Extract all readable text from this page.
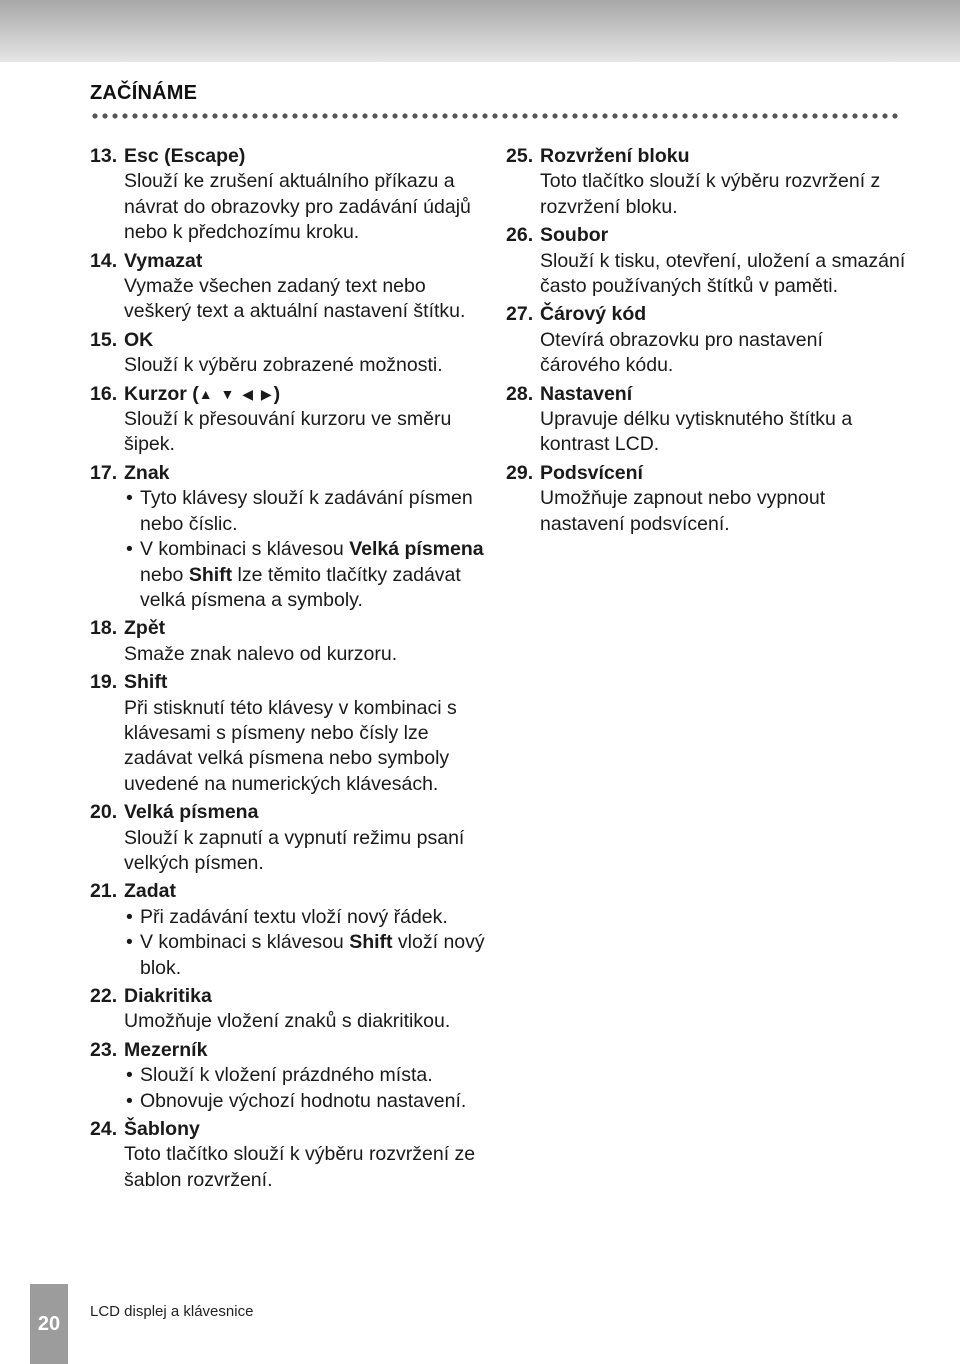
ZAČÍNÁME
13. Esc (Escape)
Slouží ke zrušení aktuálního příkazu a návrat do obrazovky pro zadávání údajů nebo k předchozímu kroku.
14. Vymazat
Vymaže všechen zadaný text nebo veškerý text a aktuální nastavení štítku.
15. OK
Slouží k výběru zobrazené možnosti.
16. Kurzor (▲ ▼ ◀ ▶)
Slouží k přesouvání kurzoru ve směru šipek.
17. Znak
• Tyto klávesy slouží k zadávání písmen nebo číslic.
• V kombinaci s klávesou Velká písmena nebo Shift lze těmito tlačítky zadávat velká písmena a symboly.
18. Zpět
Smaže znak nalevo od kurzoru.
19. Shift
Při stisknutí této klávesy v kombinaci s klávesami s písmeny nebo čísly lze zadávat velká písmena nebo symboly uvedené na numerických klávesách.
20. Velká písmena
Slouží k zapnutí a vypnutí režimu psaní velkých písmen.
21. Zadat
• Při zadávání textu vloží nový řádek.
• V kombinaci s klávesou Shift vloží nový blok.
22. Diakritika
Umožňuje vložení znaků s diakritikou.
23. Mezerník
• Slouží k vložení prázdného místa.
• Obnovuje výchozí hodnotu nastavení.
24. Šablony
Toto tlačítko slouží k výběru rozvržení ze šablon rozvržení.
25. Rozvržení bloku
Toto tlačítko slouží k výběru rozvržení z rozvržení bloku.
26. Soubor
Slouží k tisku, otevření, uložení a smazání často používaných štítků v paměti.
27. Čárový kód
Otevírá obrazovku pro nastavení čárového kódu.
28. Nastavení
Upravuje délku vytisknutého štítku a kontrast LCD.
29. Podsvícení
Umožňuje zapnout nebo vypnout nastavení podsvícení.
20
LCD displej a klávesnice
